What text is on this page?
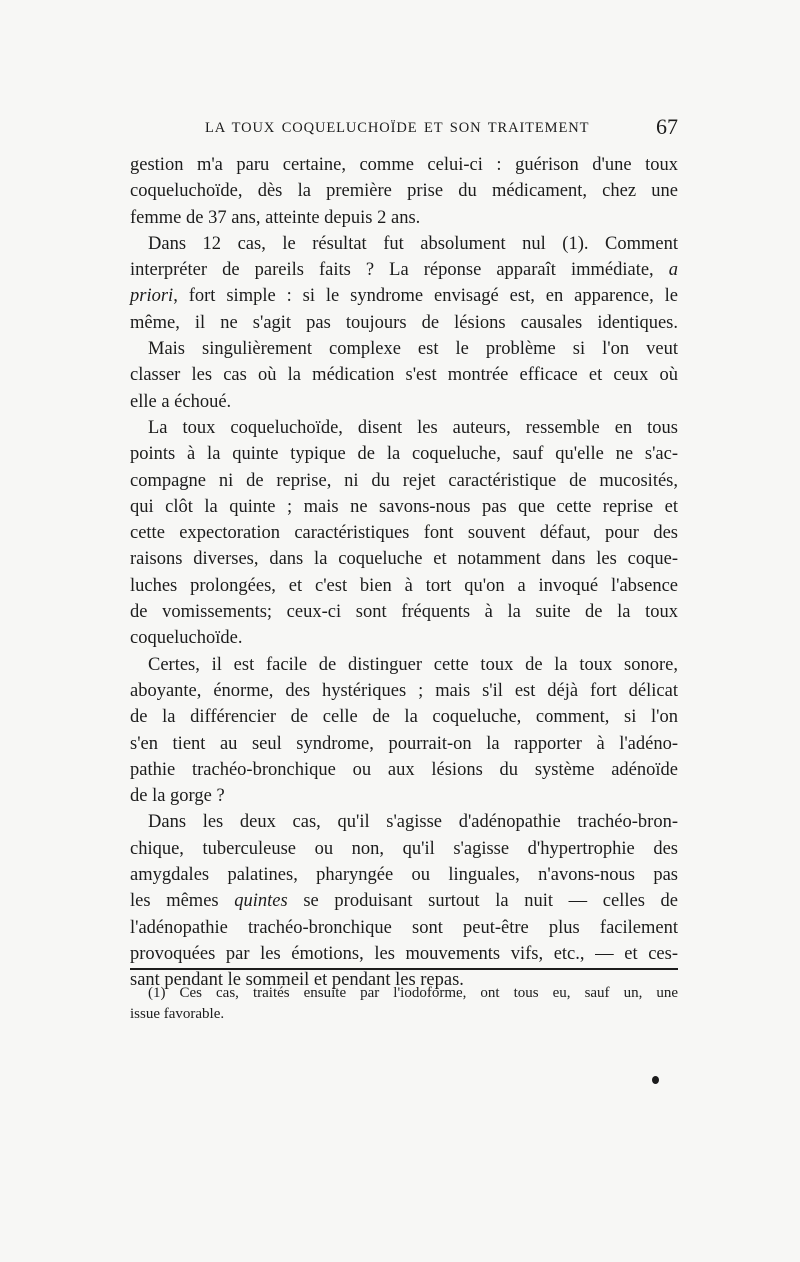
LA TOUX COQUELUCHOÏDE ET SON TRAITEMENT	67
gestion m'a paru certaine, comme celui-ci : guérison d'une toux
coqueluchoïde, dès la première prise du médicament, chez une
femme de 37 ans, atteinte depuis 2 ans.
Dans 12 cas, le résultat fut absolument nul (1). Comment
interpréter de pareils faits ? La réponse apparaît immédiate, a
priori, fort simple : si le syndrome envisagé est, en apparence, le
même, il ne s'agit pas toujours de lésions causales identiques.
Mais singulièrement complexe est le problème si l'on veut
classer les cas où la médication s'est montrée efficace et ceux où
elle a échoué.
La toux coqueluchoïde, disent les auteurs, ressemble en tous
points à la quinte typique de la coqueluche, sauf qu'elle ne s'ac-
compagne ni de reprise, ni du rejet caractéristique de mucosités,
qui clôt la quinte ; mais ne savons-nous pas que cette reprise et
cette expectoration caractéristiques font souvent défaut, pour des
raisons diverses, dans la coqueluche et notamment dans les coque-
luches prolongées, et c'est bien à tort qu'on a invoqué l'absence
de vomissements; ceux-ci sont fréquents à la suite de la toux
coqueluchoïde.
Certes, il est facile de distinguer cette toux de la toux sonore,
aboyante, énorme, des hystériques ; mais s'il est déjà fort délicat
de la différencier de celle de la coqueluche, comment, si l'on
s'en tient au seul syndrome, pourrait-on la rapporter à l'adéno-
pathie trachéo-bronchique ou aux lésions du système adénoïde
de la gorge ?
Dans les deux cas, qu'il s'agisse d'adénopathie trachéo-bron-
chique, tuberculeuse ou non, qu'il s'agisse d'hypertrophie des
amygdales palatines, pharyngée ou linguales, n'avons-nous pas
les mêmes quintes se produisant surtout la nuit — celles de
l'adénopathie trachéo-bronchique sont peut-être plus facilement
provoquées par les émotions, les mouvements vifs, etc., — et ces-
sant pendant le sommeil et pendant les repas.
(1) Ces cas, traités ensuite par l'iodoforme, ont tous eu, sauf un, une
issue favorable.
